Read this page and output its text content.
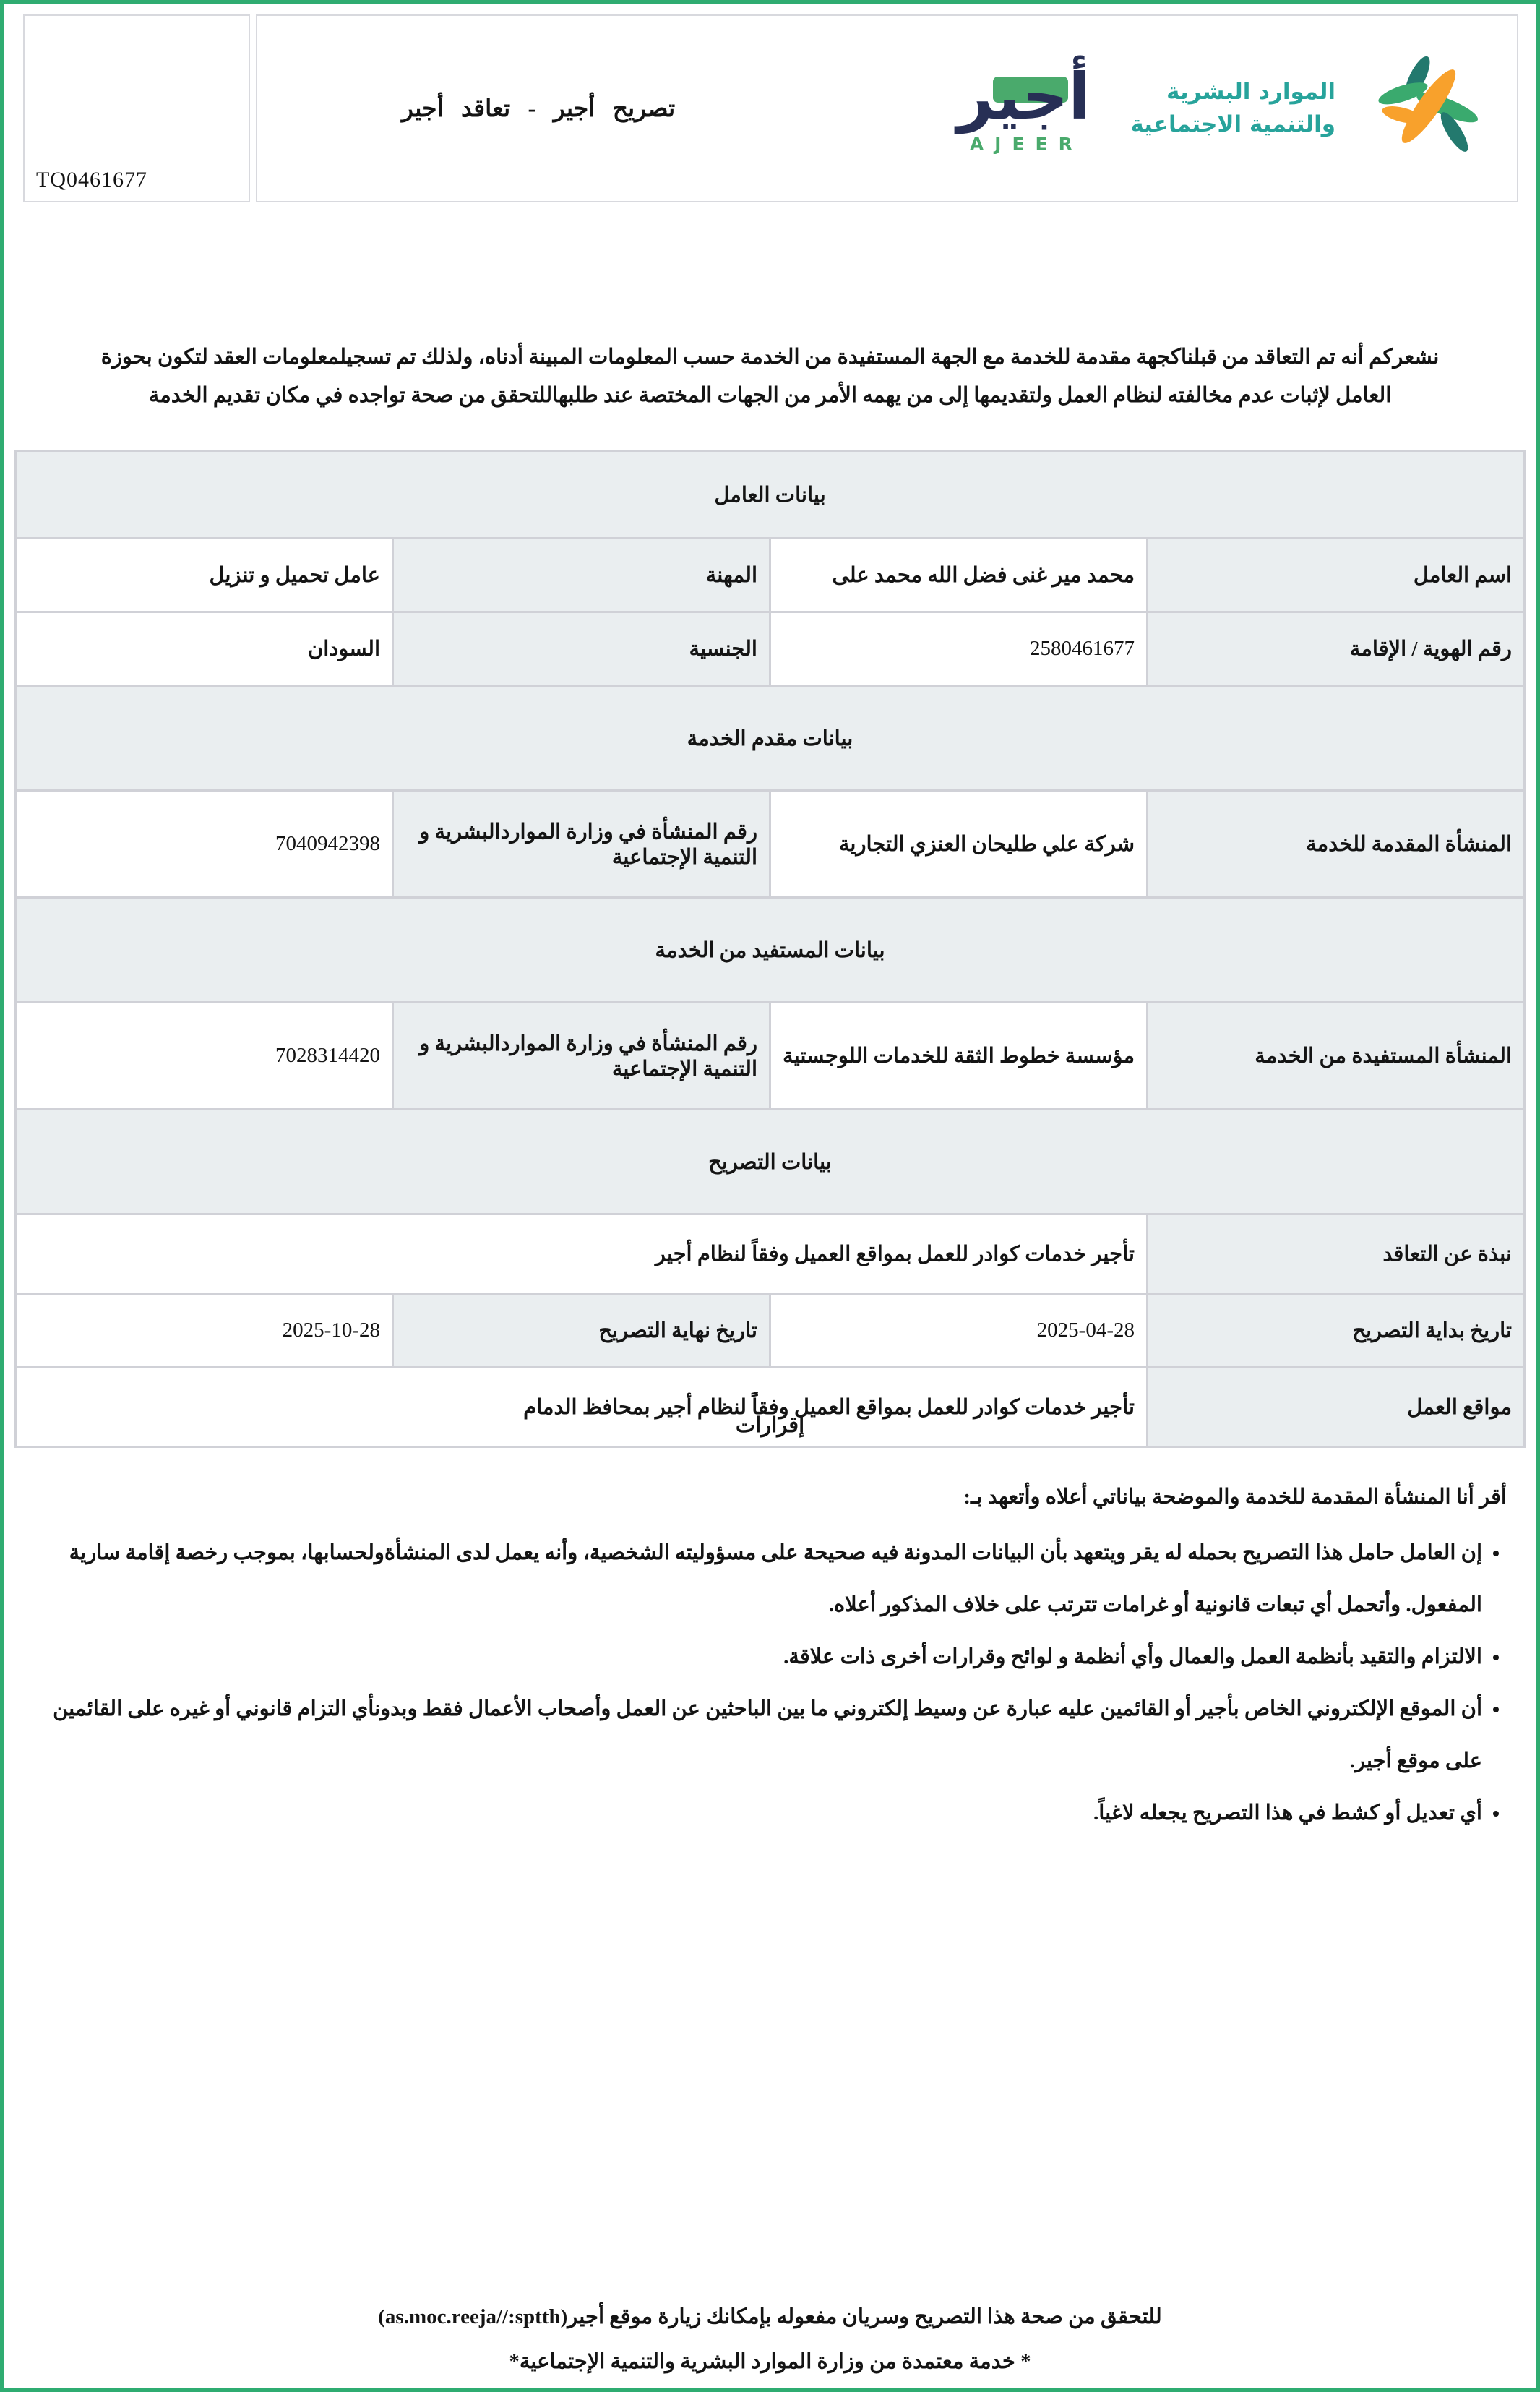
TQ0461677
تصريح أجير - تعاقد أجير	أجير
AJEER
الموارد البشرية
والتنمية الاجتماعية
نشعركم أنه تم التعاقد من قبلناكجهة مقدمة للخدمة مع الجهة المستفيدة من الخدمة حسب المعلومات المبينة أدناه، ولذلك تم تسجيلمعلومات العقد لتكون بحوزة
العامل لإثبات عدم مخالفته لنظام العمل ولتقديمها إلى من يهمه الأمر من الجهات المختصة عند طلبهاللتحقق من صحة تواجده في مكان تقديم الخدمة
بيانات العامل			
اسم العامل	محمد مير غنى فضل الله محمد على	المهنة	عامل تحميل و تنزيل
رقم الهوية / الإقامة	2580461677	الجنسية	السودان
بيانات مقدم الخدمة			
المنشأة المقدمة للخدمة	شركة علي طليحان العنزي التجارية	رقم المنشأة في وزارة المواردالبشرية و التنمية الإجتماعية	7040942398
بيانات المستفيد من الخدمة			
المنشأة المستفيدة من الخدمة	مؤسسة خطوط الثقة للخدمات اللوجستية	رقم المنشأة في وزارة المواردالبشرية و التنمية الإجتماعية	7028314420
بيانات التصريح			
نبذة عن التعاقد	تأجير خدمات كوادر للعمل بمواقع العميل وفقاً لنظام أجير		
تاريخ بداية التصريح	2025-04-28	تاريخ نهاية التصريح	2025-10-28
مواقع العمل	تأجير خدمات كوادر للعمل بمواقع العميل وفقاً لنظام أجير بمحافظ الدمام		
إقرارات

أقر أنا المنشأة المقدمة للخدمة والموضحة بياناتي أعلاه وأتعهد بـ:

• إن العامل حامل هذا التصريح بحمله له يقر ويتعهد بأن البيانات المدونة فيه صحيحة على مسؤوليته الشخصية، وأنه يعمل لدى المنشأةولحسابها، بموجب رخصة إقامة سارية المفعول. وأتحمل أي تبعات قانونية أو غرامات تترتب على خلاف المذكور أعلاه.
• الالتزام والتقيد بأنظمة العمل والعمال وأي أنظمة و لوائح وقرارات أخرى ذات علاقة.
• أن الموقع الإلكتروني الخاص بأجير أو القائمين عليه عبارة عن وسيط إلكتروني ما بين الباحثين عن العمل وأصحاب الأعمال فقط وبدونأي التزام قانوني أو غيره على القائمين على موقع أجير.
• أي تعديل أو كشط في هذا التصريح يجعله لاغياً.
للتحقق من صحة هذا التصريح وسريان مفعوله بإمكانك زيارة موقع أجير(as.moc.reeja//:sptth)
* خدمة معتمدة من وزارة الموارد البشرية والتنمية الإجتماعية*
